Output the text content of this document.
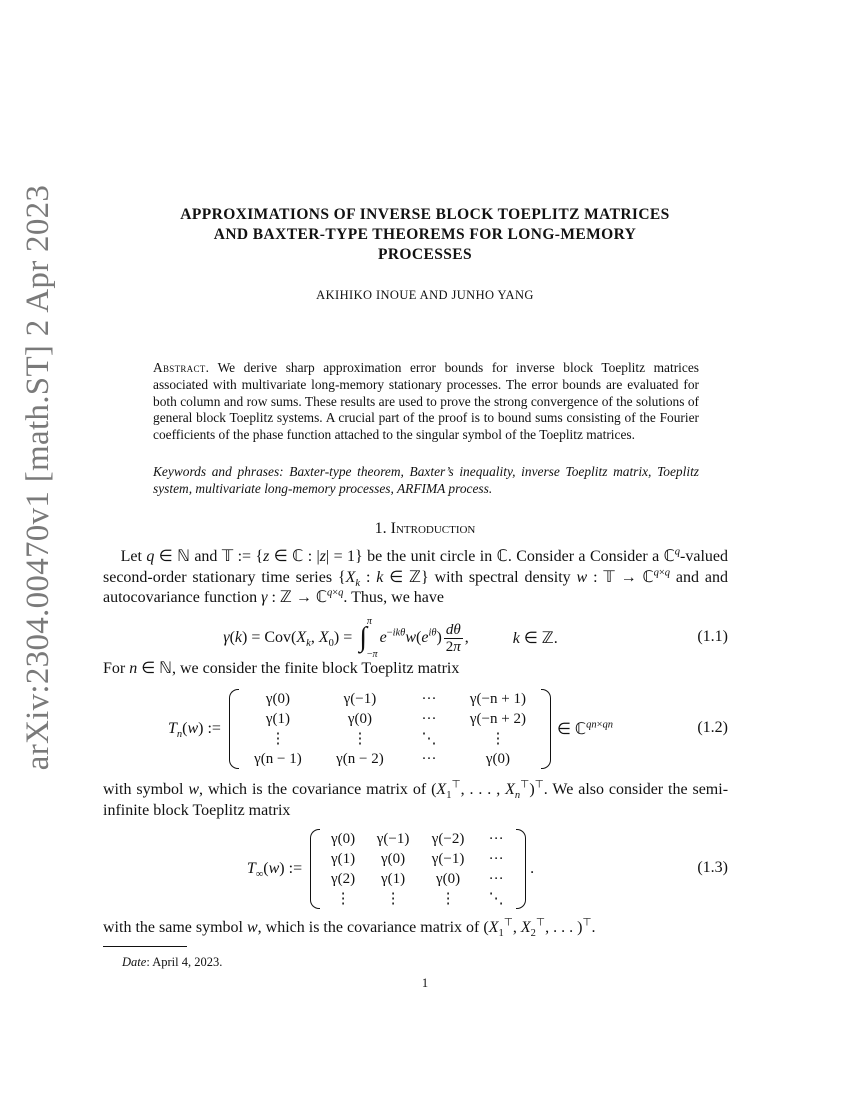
arXiv:2304.00470v1 [math.ST] 2 Apr 2023	APPROXIMATIONS OF INVERSE BLOCK TOEPLITZ MATRICES
AND BAXTER-TYPE THEOREMS FOR LONG-MEMORY
PROCESSES
AKIHIKO INOUE AND JUNHO YANG
Abstract. We derive sharp approximation error bounds for inverse block Toeplitz matrices associated with multivariate long-memory stationary processes. The error bounds are evaluated for both column and row sums. These results are used to prove the strong convergence of the solutions of general block Toeplitz systems. A crucial part of the proof is to bound sums consisting of the Fourier coefficients of the phase function attached to the singular symbol of the Toeplitz matrices.
Keywords and phrases: Baxter-type theorem, Baxter’s inequality, inverse Toeplitz matrix, Toeplitz system, multivariate long-memory processes, ARFIMA process.
1. Introduction
Let q ∈ ℕ and 𝕋 := {z ∈ ℂ : |z| = 1} be the unit circle in ℂ. Consider a Consider a ℂ$^q$-valued second-order stationary time series {$X_k$ : k ∈ ℤ} with spectral density w : 𝕋 → ℂ$^{q\times q}$ and and autocovariance function γ : ℤ → ℂ$^{q\times q}$. Thus, we have
$\gamma(k) = Cov(X_k$, $X_0$) = ∫
π
−π
$e^{-ik\theta}w(e^{i\theta}) \frac{d\theta}{2\pi}$ ,	k ∈ ℤ.	(1.1)
For n ∈ ℕ, we consider the finite block Toeplitz matrix
$T_n(w)$ :=
γ(0)	γ(−1)	···	γ(−n + 1)
γ(1)	γ(0)	···	γ(−n + 2)
⋮	⋮	⋱	⋮
γ(n − 1)	γ(n − 2)	···	γ(0)
∈ ℂ$^{qn\times qn}$	(1.2)
with symbol w, which is the covariance matrix of ($X_1^⊤$, . . . , $X_n^⊤)^⊤$. We also consider the semi-infinite block Toeplitz matrix
$T_\infty(w)$ :=
γ(0)	γ(−1)	γ(−2)	···
γ(1)	γ(0)	γ(−1)	···
γ(2)	γ(1)	γ(0)	···
⋮	⋮	⋮	⋱
.	(1.3)
with the same symbol w, which is the covariance matrix of ($X_1^⊤$, $X_2^⊤$, . . . )⊤.
Date: April 4, 2023.
1
